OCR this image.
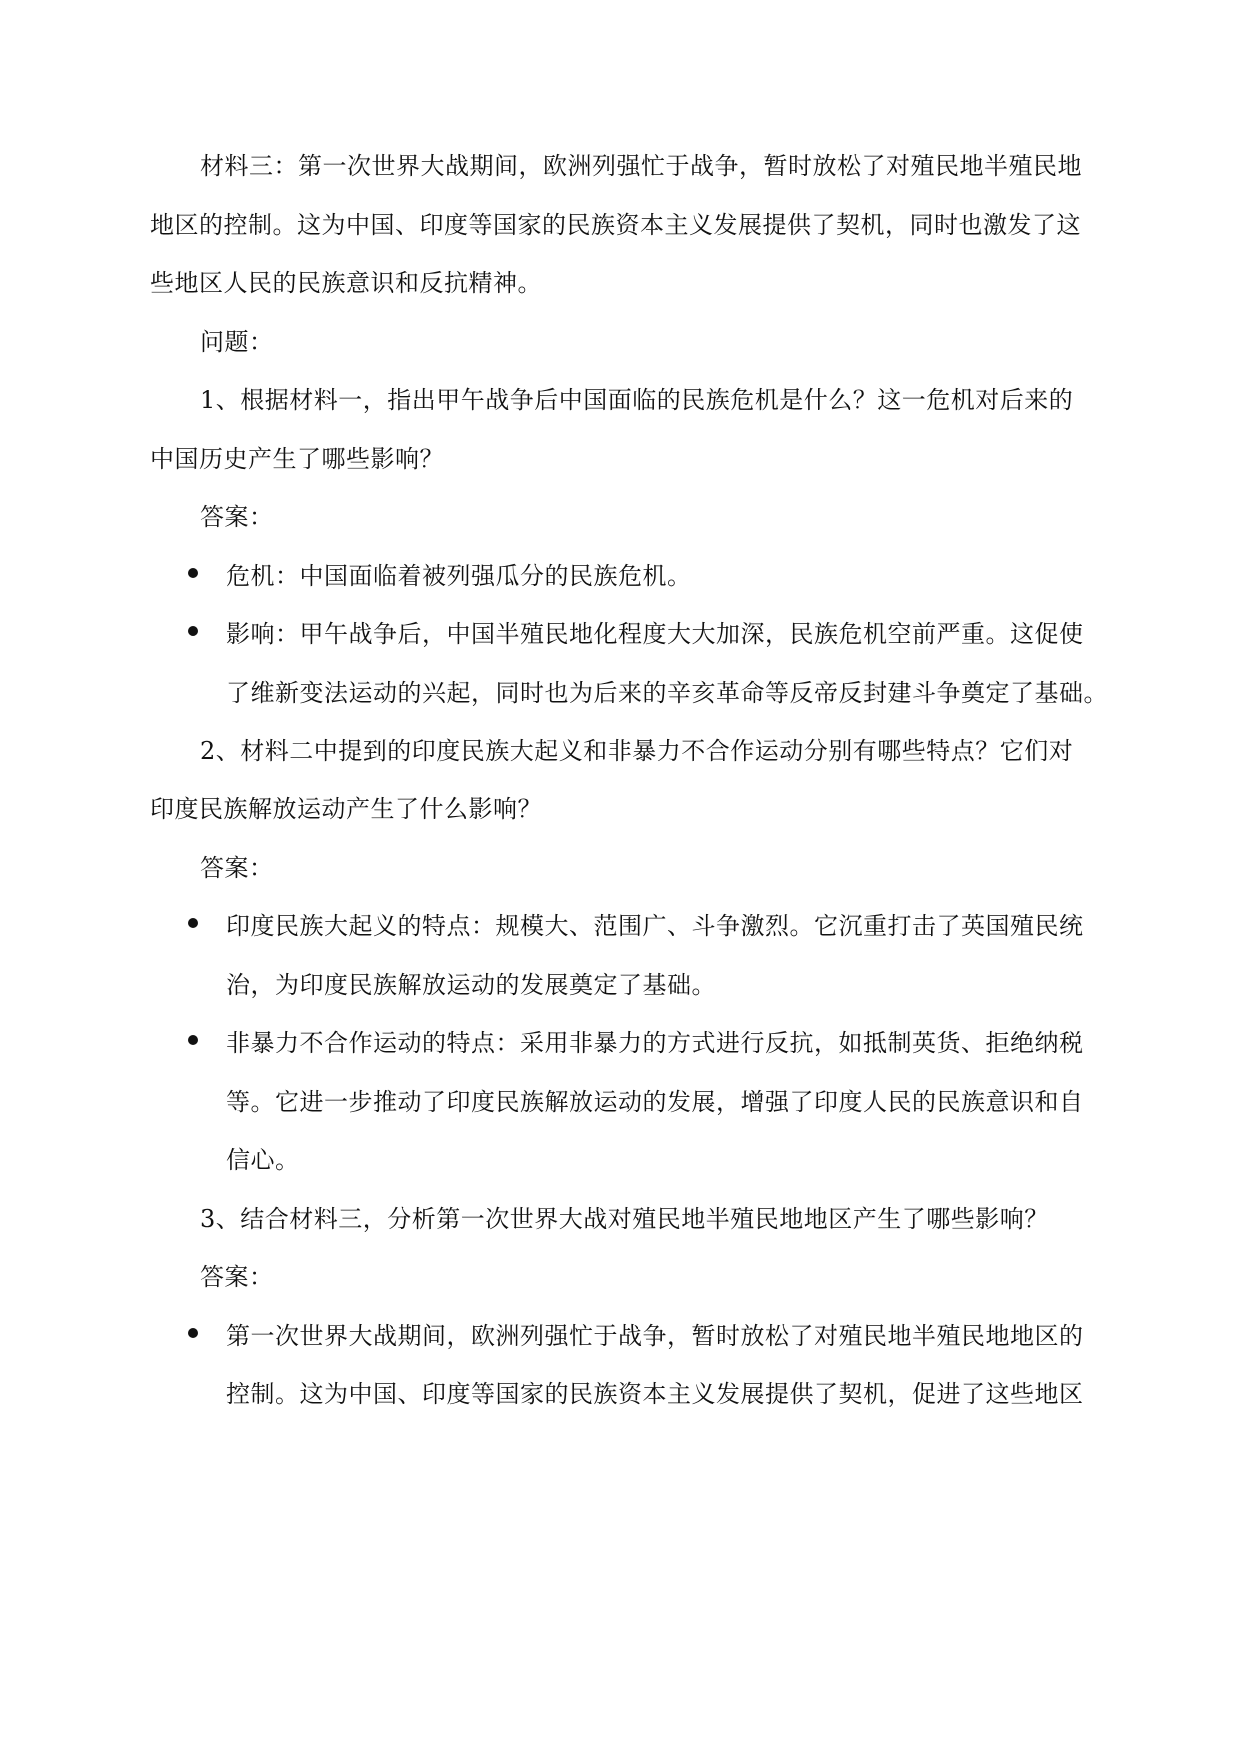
材料三：第一次世界大战期间，欧洲列强忙于战争，暂时放松了对殖民地半殖民地
地区的控制。这为中国、印度等国家的民族资本主义发展提供了契机，同时也激发了这
些地区人民的民族意识和反抗精神。
问题：
1、根据材料一，指出甲午战争后中国面临的民族危机是什么？这一危机对后来的
中国历史产生了哪些影响？
答案：
危机：中国面临着被列强瓜分的民族危机。
影响：甲午战争后，中国半殖民地化程度大大加深，民族危机空前严重。这促使
了维新变法运动的兴起，同时也为后来的辛亥革命等反帝反封建斗争奠定了基础。
2、材料二中提到的印度民族大起义和非暴力不合作运动分别有哪些特点？它们对
印度民族解放运动产生了什么影响？
答案：
印度民族大起义的特点：规模大、范围广、斗争激烈。它沉重打击了英国殖民统
治，为印度民族解放运动的发展奠定了基础。
非暴力不合作运动的特点：采用非暴力的方式进行反抗，如抵制英货、拒绝纳税
等。它进一步推动了印度民族解放运动的发展，增强了印度人民的民族意识和自
信心。
3、结合材料三，分析第一次世界大战对殖民地半殖民地地区产生了哪些影响？
答案：
第一次世界大战期间，欧洲列强忙于战争，暂时放松了对殖民地半殖民地地区的
控制。这为中国、印度等国家的民族资本主义发展提供了契机，促进了这些地区
